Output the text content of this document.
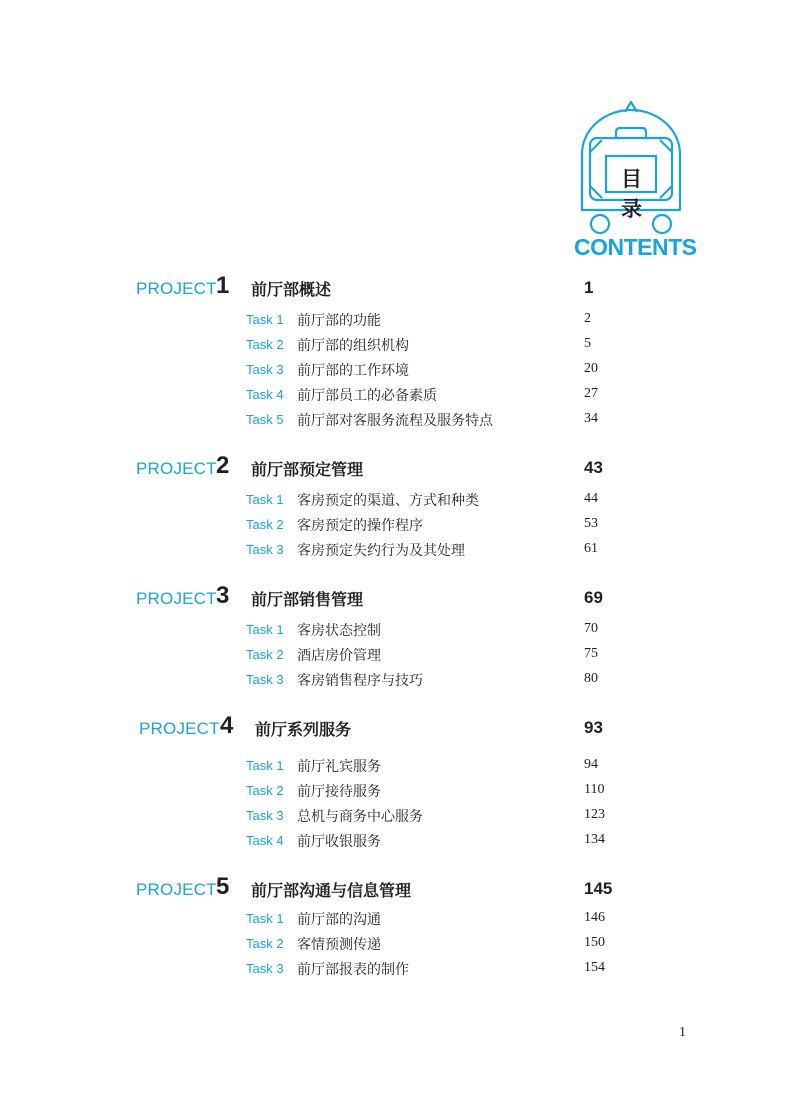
目录
CONTENTS
PROJECT 1 前厅部概述	1
Task 1 前厅部的功能	2
Task 2 前厅部的组织机构	5
Task 3 前厅部的工作环境	20
Task 4 前厅部员工的必备素质	27
Task 5 前厅部对客服务流程及服务特点	34
PROJECT 2 前厅部预定管理	43
Task 1 客房预定的渠道、方式和种类	44
Task 2 客房预定的操作程序	53
Task 3 客房预定失约行为及其处理	61
PROJECT 3 前厅部销售管理	69
Task 1 客房状态控制	70
Task 2 酒店房价管理	75
Task 3 客房销售程序与技巧	80
PROJECT 4 前厅系列服务	93
Task 1 前厅礼宾服务	94
Task 2 前厅接待服务	110
Task 3 总机与商务中心服务	123
Task 4 前厅收银服务	134
PROJECT 5 前厅部沟通与信息管理	145
Task 1 前厅部的沟通	146
Task 2 客情预测传递	150
Task 3 前厅部报表的制作	154
1
